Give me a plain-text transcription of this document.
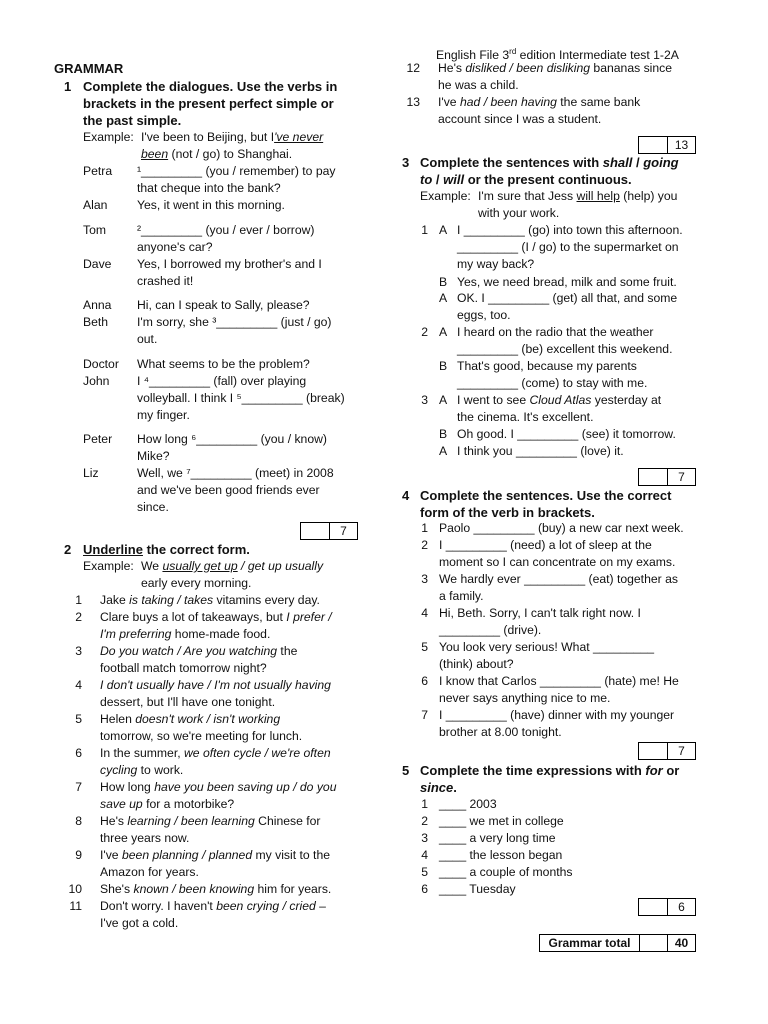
English File 3rd edition Intermediate test 1-2A
GRAMMAR
1 Complete the dialogues. Use the verbs in
brackets in the present perfect simple or
the past simple.
Example: I've been to Beijing, but I've never
been (not / go) to Shanghai.
Petra ¹_________ (you / remember) to pay
that cheque into the bank?
Alan Yes, it went in this morning.
Tom	²_________ (you / ever / borrow)
anyone's car?
Dave Yes, I borrowed my brother's and I
crashed it!
Anna Hi, can I speak to Sally, please?
Beth I'm sorry, she ³_________ (just / go)
out.
Doctor What seems to be the problem?
John I ⁴_________ (fall) over playing
volleyball. I think I ⁵_________ (break)
my finger.
Peter How long ⁶_________ (you / know)
Mike?
Liz	Well, we ⁷_________ (meet) in 2008
and we've been good friends ever
since.
7
2 Underline the correct form.
Example: We usually get up / get up usually
early every morning.
1 Jake is taking / takes vitamins every day.
2 Clare buys a lot of takeaways, but I prefer /
I'm preferring home-made food.
3 Do you watch / Are you watching the
football match tomorrow night?
4 I don't usually have / I'm not usually having
dessert, but I'll have one tonight.
5 Helen doesn't work / isn't working
tomorrow, so we're meeting for lunch.
6 In the summer, we often cycle / we're often
cycling to work.
7 How long have you been saving up / do you
save up for a motorbike?
8 He's learning / been learning Chinese for
three years now.
9 I've been planning / planned my visit to the
Amazon for years.
10 She's known / been knowing him for years.
11 Don't worry. I haven't been crying / cried –
I've got a cold.
12 He's disliked / been disliking bananas since
he was a child.
13 I've had / been having the same bank
account since I was a student.
13
3 Complete the sentences with shall / going
to / will or the present continuous.
Example: I'm sure that Jess will help (help) you
with your work.
1 A I _________ (go) into town this afternoon.
_________ (I / go) to the supermarket on
my way back?
B Yes, we need bread, milk and some fruit.
A OK. I _________ (get) all that, and some
eggs, too.
2 A I heard on the radio that the weather
_________ (be) excellent this weekend.
B That's good, because my parents
_________ (come) to stay with me.
3 A I went to see Cloud Atlas yesterday at
the cinema. It's excellent.
B Oh good. I _________ (see) it tomorrow.
A I think you _________ (love) it.
7
4 Complete the sentences. Use the correct
form of the verb in brackets.
1 Paolo _________ (buy) a new car next week.
2 I _________ (need) a lot of sleep at the
moment so I can concentrate on my exams.
3 We hardly ever _________ (eat) together as
a family.
4 Hi, Beth. Sorry, I can't talk right now. I
_________ (drive).
5 You look very serious! What _________
(think) about?
6 I know that Carlos _________ (hate) me! He
never says anything nice to me.
7 I _________ (have) dinner with my younger
brother at 8.00 tonight.
7
5 Complete the time expressions with for or
since.
1 ____ 2003
2 ____ we met in college
3 ____ a very long time
4 ____ the lesson began
5 ____ a couple of months
6 ____ Tuesday
6
Grammar total	40
